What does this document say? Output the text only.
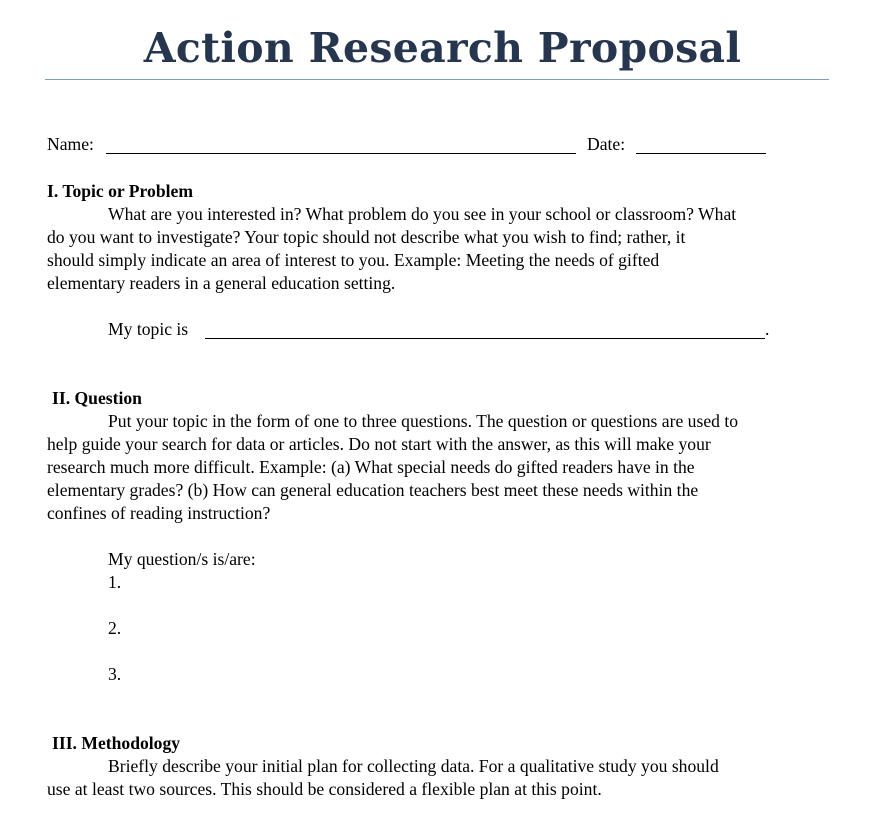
Action Research Proposal
Name:	Date:
I. Topic or Problem
What are you interested in? What problem do you see in your school or classroom? What
do you want to investigate? Your topic should not describe what you wish to find; rather, it
should simply indicate an area of interest to you. Example: Meeting the needs of gifted
elementary readers in a general education setting.
My topic is	.
II. Question
Put your topic in the form of one to three questions. The question or questions are used to
help guide your search for data or articles. Do not start with the answer, as this will make your
research much more difficult. Example: (a) What special needs do gifted readers have in the
elementary grades? (b) How can general education teachers best meet these needs within the
confines of reading instruction?
My question/s is/are:
1.
2.
3.
III. Methodology
Briefly describe your initial plan for collecting data. For a qualitative study you should
use at least two sources. This should be considered a flexible plan at this point.
